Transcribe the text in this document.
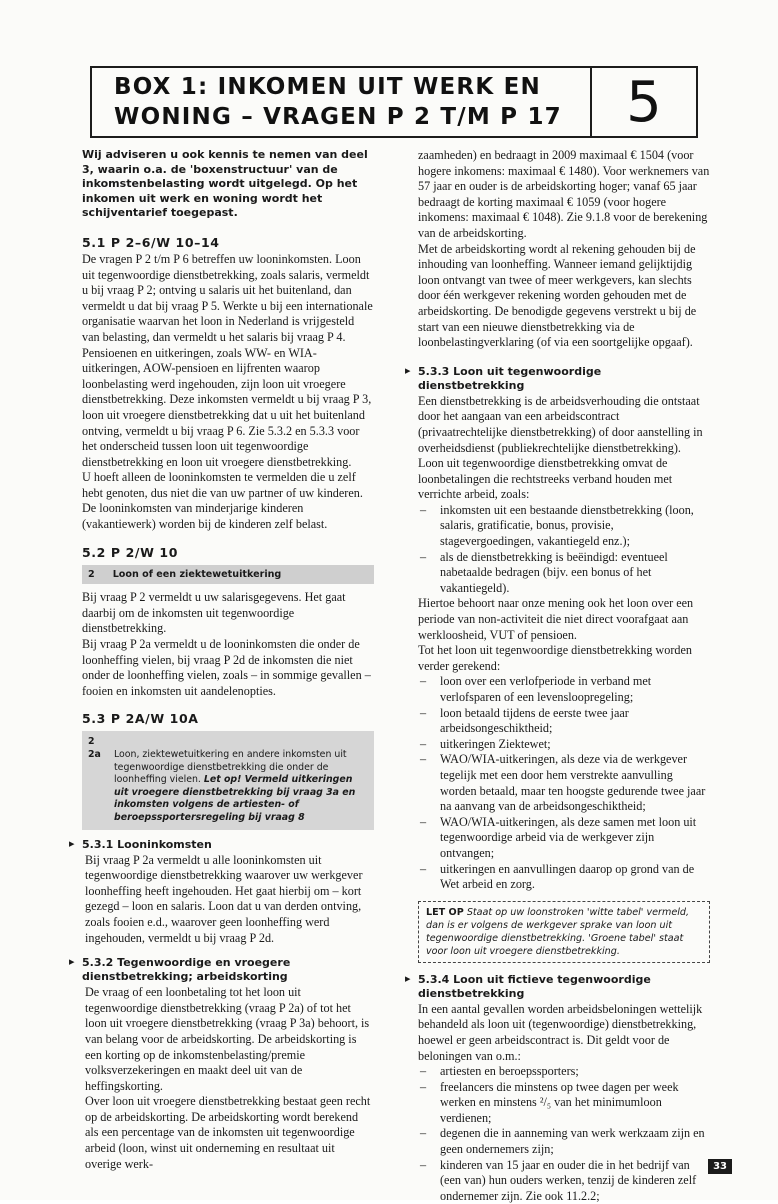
BOX 1: INKOMEN UIT WERK EN
WONING – VRAGEN P 2 T/M P 17	5

Wij adviseren u ook kennis te nemen van deel 3, waarin o.a. de 'boxenstructuur' van de inkomstenbelasting wordt uitgelegd. Op het inkomen uit werk en woning wordt het schijventarief toegepast.

5.1 P 2–6/W 10–14

De vragen P 2 t/m P 6 betreffen uw looninkomsten. Loon uit tegenwoordige dienstbetrekking, zoals salaris, vermeldt u bij vraag P 2; ontving u salaris uit het buitenland, dan vermeldt u dat bij vraag P 5. Werkte u bij een internationale organisatie waarvan het loon in Nederland is vrijgesteld van belasting, dan vermeldt u het salaris bij vraag P 4.

Pensioenen en uitkeringen, zoals WW- en WIA-uitkeringen, AOW-pensioen en lijfrenten waarop loonbelasting werd ingehouden, zijn loon uit vroegere dienstbetrekking. Deze inkomsten vermeldt u bij vraag P 3, loon uit vroegere dienstbetrekking dat u uit het buitenland ontving, vermeldt u bij vraag P 6. Zie 5.3.2 en 5.3.3 voor het onderscheid tussen loon uit tegenwoordige dienstbetrekking en loon uit vroegere dienstbetrekking.

U hoeft alleen de looninkomsten te vermelden die u zelf hebt genoten, dus niet die van uw partner of uw kinderen. De looninkomsten van minderjarige kinderen (vakantiewerk) worden bij de kinderen zelf belast.

5.2 P 2/W 10
2 Loon of een ziektewetuitkering

Bij vraag P 2 vermeldt u uw salarisgegevens. Het gaat daarbij om de inkomsten uit tegenwoordige dienstbetrekking.

Bij vraag P 2a vermeldt u de looninkomsten die onder de loonheffing vielen, bij vraag P 2d de inkomsten die niet onder de loonheffing vielen, zoals – in sommige gevallen – fooien en inkomsten uit aandelenopties.

5.3 P 2A/W 10A
2
2a	Loon, ziektewetuitkering en andere inkomsten uit tegenwoordige dienstbetrekking die onder de loonheffing vielen. Let op! Vermeld uitkeringen uit vroegere dienstbetrekking bij vraag 3a en inkomsten volgens de artiesten- of beroepssportersregeling bij vraag 8
▸ 5.3.1 Looninkomsten

Bij vraag P 2a vermeldt u alle looninkomsten uit tegenwoordige dienstbetrekking waarover uw werkgever loonheffing heeft ingehouden. Het gaat hierbij om – kort gezegd – loon en salaris. Loon dat u van derden ontving, zoals fooien e.d., waarover geen loonheffing werd ingehouden, vermeldt u bij vraag P 2d.

▸ 5.3.2 Tegenwoordige en vroegere dienstbetrekking; arbeidskorting

De vraag of een loonbetaling tot het loon uit tegenwoordige dienstbetrekking (vraag P 2a) of tot het loon uit vroegere dienstbetrekking (vraag P 3a) behoort, is van belang voor de arbeidskorting. De arbeidskorting is een korting op de inkomstenbelasting/premie volksverzekeringen en maakt deel uit van de heffingskorting.

Over loon uit vroegere dienstbetrekking bestaat geen recht op de arbeidskorting. De arbeidskorting wordt berekend als een percentage van de inkomsten uit tegenwoordige arbeid (loon, winst uit onderneming en resultaat uit overige werk-

zaamheden) en bedraagt in 2009 maximaal € 1504 (voor hogere inkomens: maximaal € 1480). Voor werknemers van 57 jaar en ouder is de arbeidskorting hoger; vanaf 65 jaar bedraagt de korting maximaal € 1059 (voor hogere inkomens: maximaal € 1048). Zie 9.1.8 voor de berekening van de arbeidskorting.

Met de arbeidskorting wordt al rekening gehouden bij de inhouding van loonheffing. Wanneer iemand gelijktijdig loon ontvangt van twee of meer werkgevers, kan slechts door één werkgever rekening worden gehouden met de arbeidskorting. De benodigde gegevens verstrekt u bij de start van een nieuwe dienstbetrekking via de loonbelastingverklaring (of via een soortgelijke opgaaf).

▸ 5.3.3 Loon uit tegenwoordige dienstbetrekking

Een dienstbetrekking is de arbeidsverhouding die ontstaat door het aangaan van een arbeidscontract (privaatrechtelijke dienstbetrekking) of door aanstelling in overheidsdienst (publiekrechtelijke dienstbetrekking).

Loon uit tegenwoordige dienstbetrekking omvat de loonbetalingen die rechtstreeks verband houden met verrichte arbeid, zoals:

– inkomsten uit een bestaande dienstbetrekking (loon, salaris, gratificatie, bonus, provisie, stagevergoedingen, vakantiegeld enz.);
– als de dienstbetrekking is beëindigd: eventueel nabetaalde bedragen (bijv. een bonus of het vakantiegeld).

Hiertoe behoort naar onze mening ook het loon over een periode van non-activiteit die niet direct voorafgaat aan werkloosheid, VUT of pensioen.

Tot het loon uit tegenwoordige dienstbetrekking worden verder gerekend:

– loon over een verlofperiode in verband met verlofsparen of een levensloopregeling;
– loon betaald tijdens de eerste twee jaar arbeidsongeschiktheid;
– uitkeringen Ziektewet;
– WAO/WIA-uitkeringen, als deze via de werkgever tegelijk met een door hem verstrekte aanvulling worden betaald, maar ten hoogste gedurende twee jaar na aanvang van de arbeidsongeschiktheid;
– WAO/WIA-uitkeringen, als deze samen met loon uit tegenwoordige arbeid via de werkgever zijn ontvangen;
– uitkeringen en aanvullingen daarop op grond van de Wet arbeid en zorg.
LET OP Staat op uw loonstroken 'witte tabel' vermeld, dan is er volgens de werkgever sprake van loon uit tegenwoordige dienstbetrekking. 'Groene tabel' staat voor loon uit vroegere dienstbetrekking.
▸ 5.3.4 Loon uit fictieve tegenwoordige dienstbetrekking

In een aantal gevallen worden arbeidsbeloningen wettelijk behandeld als loon uit (tegenwoordige) dienstbetrekking, hoewel er geen arbeidscontract is. Dit geldt voor de beloningen van o.m.:

– artiesten en beroepssporters;
– freelancers die minstens op twee dagen per week werken en minstens ²/₅ van het minimumloon verdienen;
– degenen die in aanneming van werk werkzaam zijn en geen ondernemers zijn;
– kinderen van 15 jaar en ouder die in het bedrijf van (een van) hun ouders werken, tenzij de kinderen zelf ondernemer zijn. Zie ook 11.2.2;
33
